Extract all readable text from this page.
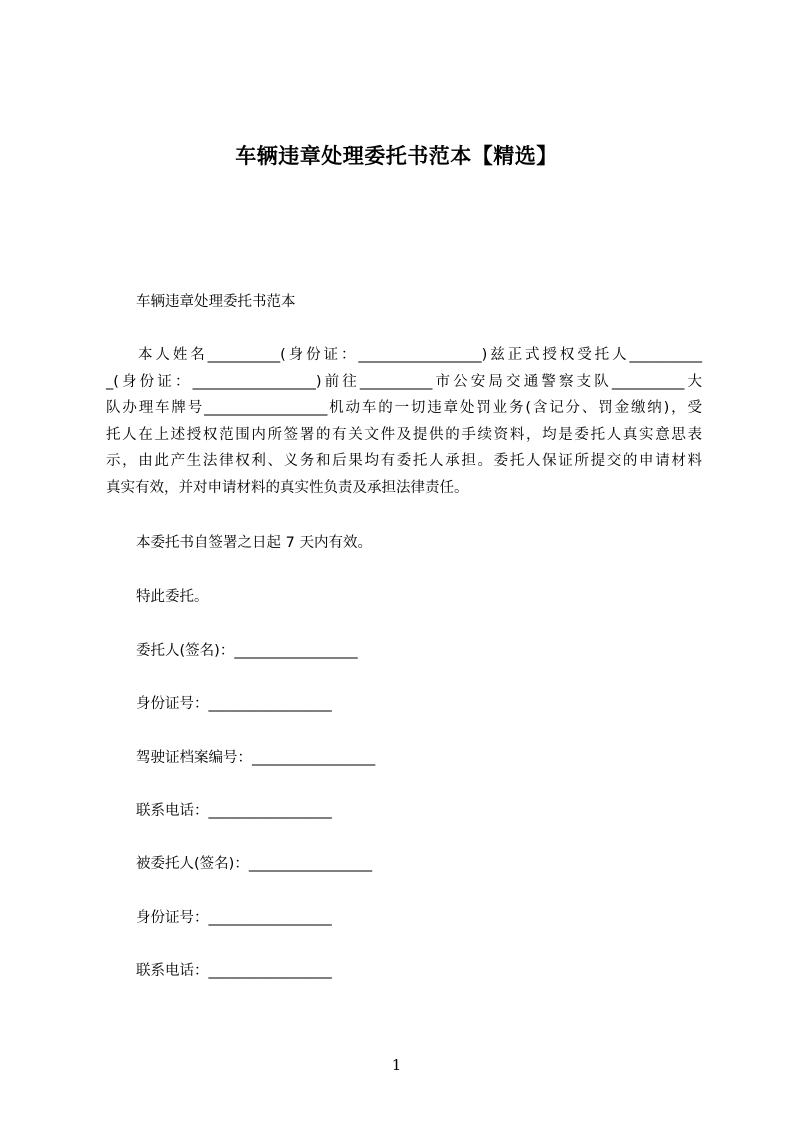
车辆违章处理委托书范本【精选】

车辆违章处理委托书范本

本人姓名__________(身份证：_________________)兹正式授权受托人__________
_(身份证：_________________)前往__________市公安局交通警察支队__________大
队办理车牌号_________________机动车的一切违章处罚业务(含记分、罚金缴纳)，受
托人在上述授权范围内所签署的有关文件及提供的手续资料，均是委托人真实意思表
示，由此产生法律权利、义务和后果均有委托人承担。委托人保证所提交的申请材料
真实有效，并对申请材料的真实性负责及承担法律责任。

本委托书自签署之日起 7 天内有效。

特此委托。

委托人(签名)：_________________

身份证号：_________________

驾驶证档案编号：_________________

联系电话：_________________

被委托人(签名)：_________________

身份证号：_________________

联系电话：_________________

1
